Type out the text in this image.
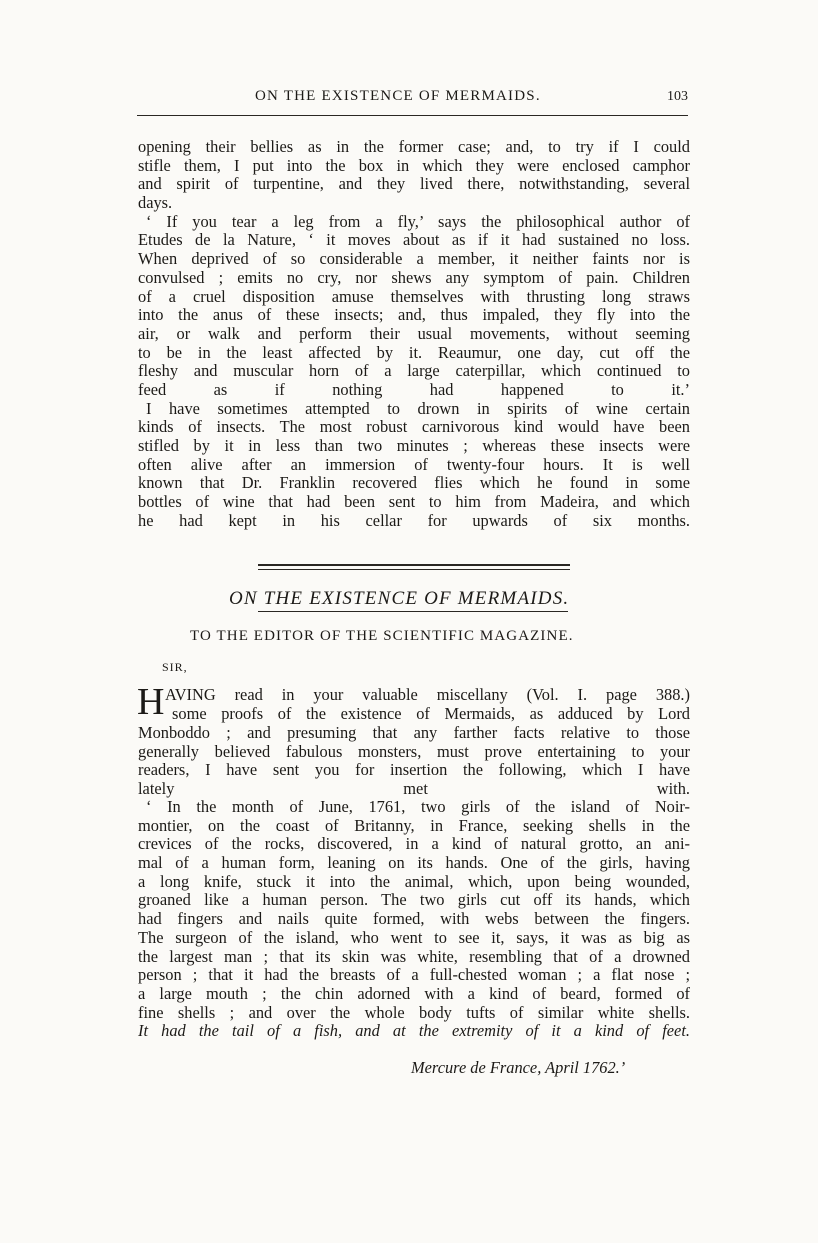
ON THE EXISTENCE OF MERMAIDS.	103
opening their bellies as in the former case; and, to try if I could
stifle them, I put into the box in which they were enclosed camphor
and spirit of turpentine, and they lived there, notwithstanding, several
days.
‘ If you tear a leg from a fly,’ says the philosophical author of
Etudes de la Nature, ‘ it moves about as if it had sustained no loss.
When deprived of so considerable a member, it neither faints nor is
convulsed ; emits no cry, nor shews any symptom of pain. Children
of a cruel disposition amuse themselves with thrusting long straws
into the anus of these insects; and, thus impaled, they fly into the
air, or walk and perform their usual movements, without seeming
to be in the least affected by it. Reaumur, one day, cut off the
fleshy and muscular horn of a large caterpillar, which continued to
feed as if nothing had happened to it.’
I have sometimes attempted to drown in spirits of wine certain
kinds of insects. The most robust carnivorous kind would have been
stifled by it in less than two minutes ; whereas these insects were
often alive after an immersion of twenty-four hours. It is well
known that Dr. Franklin recovered flies which he found in some
bottles of wine that had been sent to him from Madeira, and which
he had kept in his cellar for upwards of six months.
ON THE EXISTENCE OF MERMAIDS.
TO THE EDITOR OF THE SCIENTIFIC MAGAZINE.
SIR,
H AVING read in your valuable miscellany (Vol. I. page 388.)
some proofs of the existence of Mermaids, as adduced by Lord
Monboddo ; and presuming that any farther facts relative to those
generally believed fabulous monsters, must prove entertaining to your
readers, I have sent you for insertion the following, which I have
lately met with.
‘ In the month of June, 1761, two girls of the island of Noir-
montier, on the coast of Britanny, in France, seeking shells in the
crevices of the rocks, discovered, in a kind of natural grotto, an ani-
mal of a human form, leaning on its hands. One of the girls, having
a long knife, stuck it into the animal, which, upon being wounded,
groaned like a human person. The two girls cut off its hands, which
had fingers and nails quite formed, with webs between the fingers.
The surgeon of the island, who went to see it, says, it was as big as
the largest man ; that its skin was white, resembling that of a drowned
person ; that it had the breasts of a full-chested woman ; a flat nose ;
a large mouth ; the chin adorned with a kind of beard, formed of
fine shells ; and over the whole body tufts of similar white shells.
It had the tail of a fish, and at the extremity of it a kind of feet.
Mercure de France, April 1762.’
